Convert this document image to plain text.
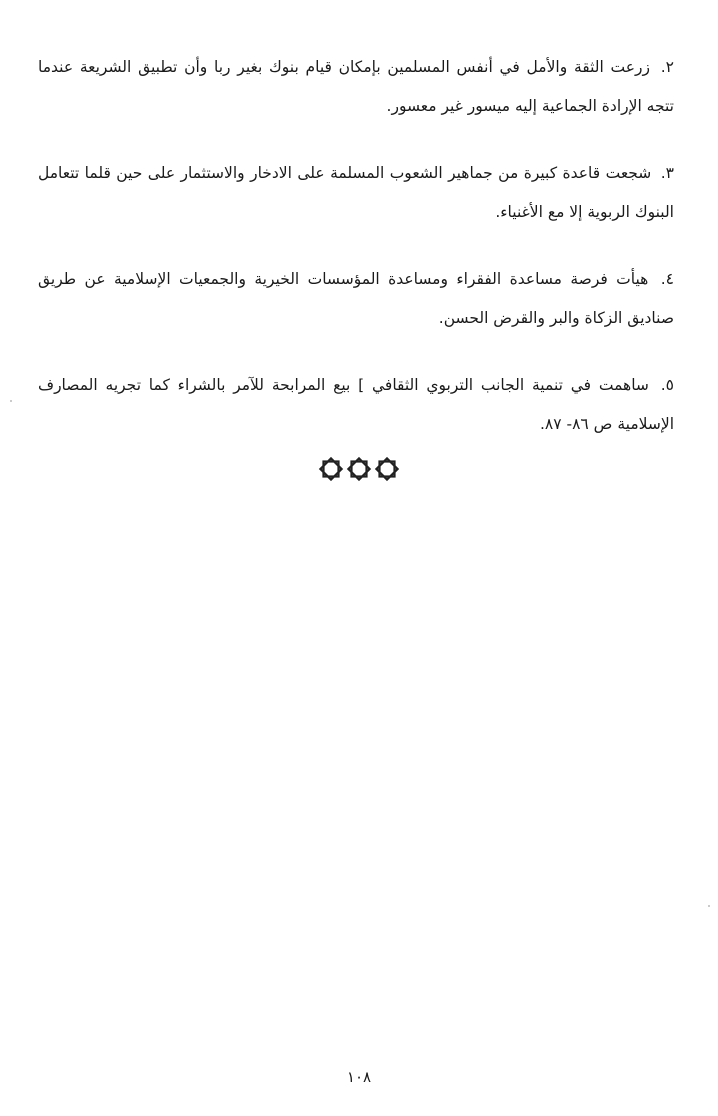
٢. زرعت الثقة والأمل في أنفس المسلمين بإمكان قيام بنوك بغير ربا وأن تطبيق الشريعة عندما تتجه الإرادة الجماعية إليه ميسور غير معسور.

٣. شجعت قاعدة كبيرة من جماهير الشعوب المسلمة على الادخار والاستثمار على حين قلما تتعامل البنوك الربوية إلا مع الأغنياء.

٤. هيأت فرصة مساعدة الفقراء ومساعدة المؤسسات الخيرية والجمعيات الإسلامية عن طريق صناديق الزكاة والبر والقرض الحسن.

٥. ساهمت في تنمية الجانب التربوي الثقافي ] بيع المرابحة للآمر بالشراء كما تجريه المصارف الإسلامية ص ٨٦- ٨٧.

١٠٨
